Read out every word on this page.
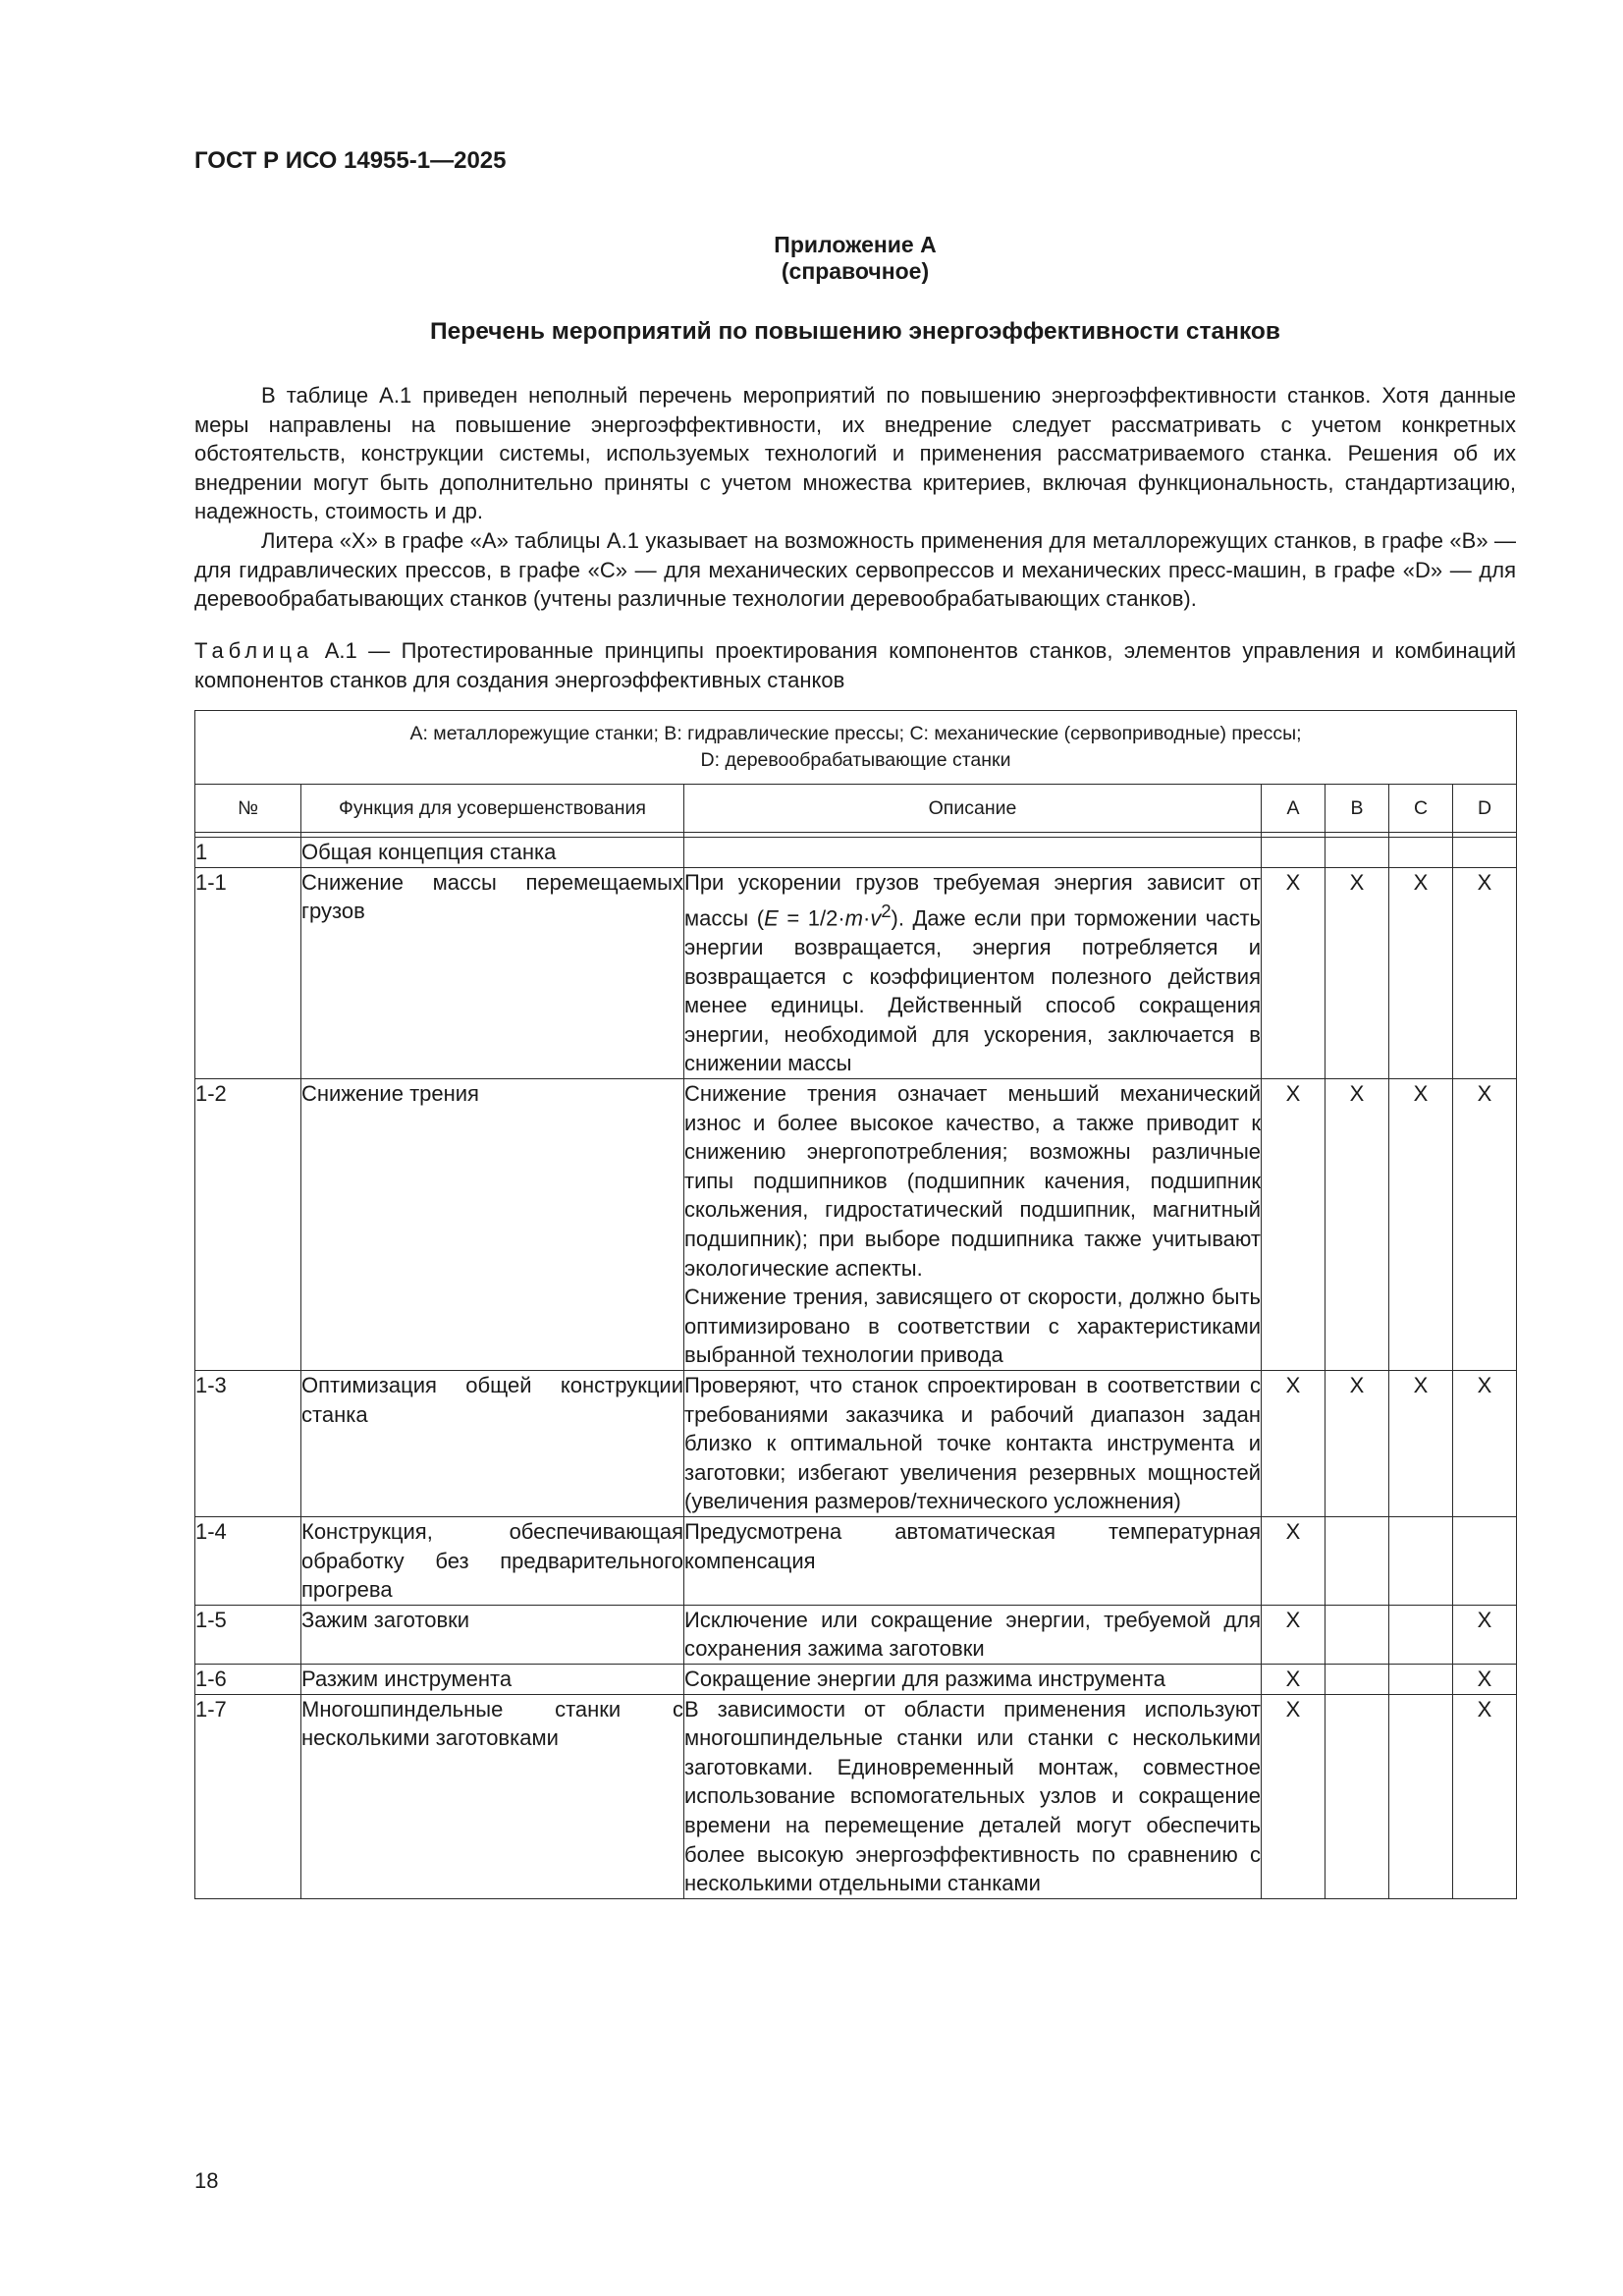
ГОСТ Р ИСО 14955-1—2025
Приложение А
(справочное)
Перечень мероприятий по повышению энергоэффективности станков

В таблице А.1 приведен неполный перечень мероприятий по повышению энергоэффективности станков. Хотя данные меры направлены на повышение энергоэффективности, их внедрение следует рассматривать с учетом конкретных обстоятельств, конструкции системы, используемых технологий и применения рассматриваемого станка. Решения об их внедрении могут быть дополнительно приняты с учетом множества критериев, включая функциональность, стандартизацию, надежность, стоимость и др.

Литера «X» в графе «А» таблицы А.1 указывает на возможность применения для металлорежущих станков, в графе «В» — для гидравлических прессов, в графе «С» — для механических сервопрессов и механических пресс-машин, в графе «D» — для деревообрабатывающих станков (учтены различные технологии деревообрабатывающих станков).

Таблица А.1 — Протестированные принципы проектирования компонентов станков, элементов управления и комбинаций компонентов станков для создания энергоэффективных станков

A: металлорежущие станки; B: гидравлические прессы; C: механические (сервоприводные) прессы;
D: деревообрабатывающие станки						

№	Функция для усовершенствования	Описание	A	B	C	D

1	Общая концепция станка					
1-1	Снижение массы перемещаемых грузов	При ускорении грузов требуемая энергия зависит от массы $(E = 1/2\cdot m\cdot v^2)$. Даже если при торможении часть энергии возвращается, энергия потребляется и возвращается с коэффициентом полезного действия менее единицы. Действенный способ сокращения энергии, необходимой для ускорения, заключается в снижении массы	X	X	X	X
1-2	Снижение трения	Снижение трения означает меньший механический износ и более высокое качество, а также приводит к снижению энергопотребления; возможны различные типы подшипников (подшипник качения, подшипник скольжения, гидростатический подшипник, магнитный подшипник); при выборе подшипника также учитывают экологические аспекты.
Снижение трения, зависящего от скорости, должно быть оптимизировано в соответствии с характеристиками выбранной технологии привода	X	X	X	X
1-3	Оптимизация общей конструкции станка	Проверяют, что станок спроектирован в соответствии с требованиями заказчика и рабочий диапазон задан близко к оптимальной точке контакта инструмента и заготовки; избегают увеличения резервных мощностей (увеличения размеров/технического усложнения)	X	X	X	X
1-4	Конструкция, обеспечивающая обработку без предварительного прогрева	Предусмотрена автоматическая температурная компенсация	X			
1-5	Зажим заготовки	Исключение или сокращение энергии, требуемой для сохранения зажима заготовки	X			X
1-6	Разжим инструмента	Сокращение энергии для разжима инструмента	X			X
1-7	Многошпиндельные станки с несколькими заготовками	В зависимости от области применения используют многошпиндельные станки или станки с несколькими заготовками. Единовременный монтаж, совместное использование вспомогательных узлов и сокращение времени на перемещение деталей могут обеспечить более высокую энергоэффективность по сравнению с несколькими отдельными станками	X			X
18
